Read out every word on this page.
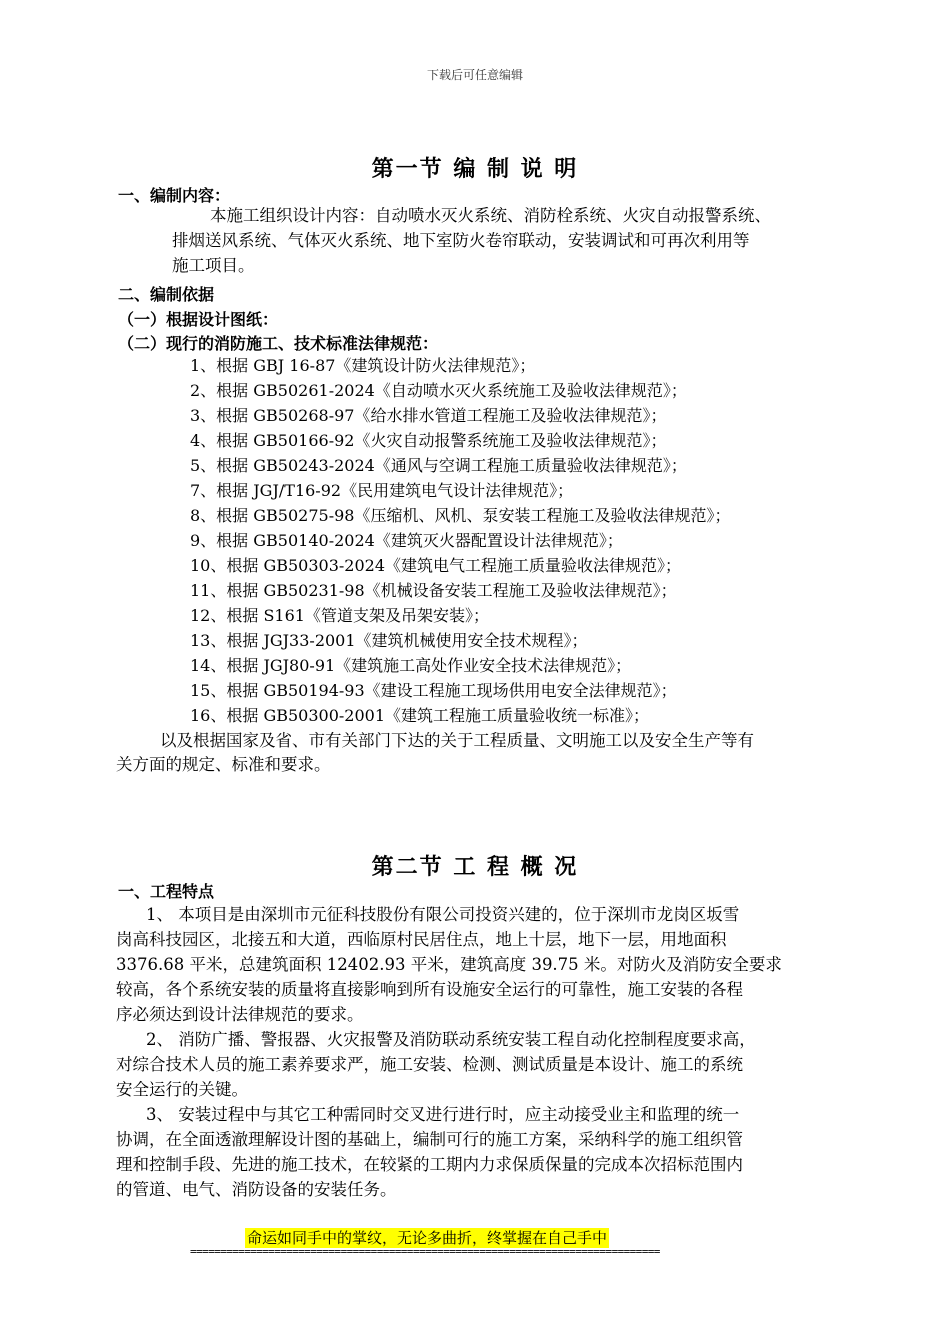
下载后可任意编辑
第一节 编 制 说 明
一、编制内容：
本施工组织设计内容：自动喷水灭火系统、消防栓系统、火灾自动报警系统、
排烟送风系统、气体灭火系统、地下室防火卷帘联动，安装调试和可再次利用等
施工项目。
二、编制依据
（一）根据设计图纸：
（二）现行的消防施工、技术标准法律规范：
1、根据 GBJ 16-87《建筑设计防火法律规范》；
2、根据 GB50261-2024《自动喷水灭火系统施工及验收法律规范》；
3、根据 GB50268-97《给水排水管道工程施工及验收法律规范》；
4、根据 GB50166-92《火灾自动报警系统施工及验收法律规范》；
5、根据 GB50243-2024《通风与空调工程施工质量验收法律规范》；
7、根据 JGJ/T16-92《民用建筑电气设计法律规范》；
8、根据 GB50275-98《压缩机、风机、泵安装工程施工及验收法律规范》；
9、根据 GB50140-2024《建筑灭火器配置设计法律规范》；
10、根据 GB50303-2024《建筑电气工程施工质量验收法律规范》；
11、根据 GB50231-98《机械设备安装工程施工及验收法律规范》；
12、根据 S161《管道支架及吊架安装》；
13、根据 JGJ33-2001《建筑机械使用安全技术规程》；
14、根据 JGJ80-91《建筑施工高处作业安全技术法律规范》；
15、根据 GB50194-93《建设工程施工现场供用电安全法律规范》；
16、根据 GB50300-2001《建筑工程施工质量验收统一标准》；
以及根据国家及省、市有关部门下达的关于工程质量、文明施工以及安全生产等有
关方面的规定、标准和要求。
第二节 工 程 概 况
一、工程特点
1、 本项目是由深圳市元征科技股份有限公司投资兴建的，位于深圳市龙岗区坂雪
岗高科技园区，北接五和大道，西临原村民居住点，地上十层，地下一层，用地面积
3376.68 平米，总建筑面积 12402.93 平米，建筑高度 39.75 米。对防火及消防安全要求
较高，各个系统安装的质量将直接影响到所有设施安全运行的可靠性，施工安装的各程
序必须达到设计法律规范的要求。
2、 消防广播、警报器、火灾报警及消防联动系统安装工程自动化控制程度要求高，
对综合技术人员的施工素养要求严，施工安装、检测、测试质量是本设计、施工的系统
安全运行的关键。
3、 安装过程中与其它工种需同时交叉进行进行时，应主动接受业主和监理的统一
协调，在全面透澈理解设计图的基础上，编制可行的施工方案，采纳科学的施工组织管
理和控制手段、先进的施工技术，在较紧的工期内力求保质保量的完成本次招标范围内
的管道、电气、消防设备的安装任务。
命运如同手中的掌纹，无论多曲折，终掌握在自己手中
==============================================================================
